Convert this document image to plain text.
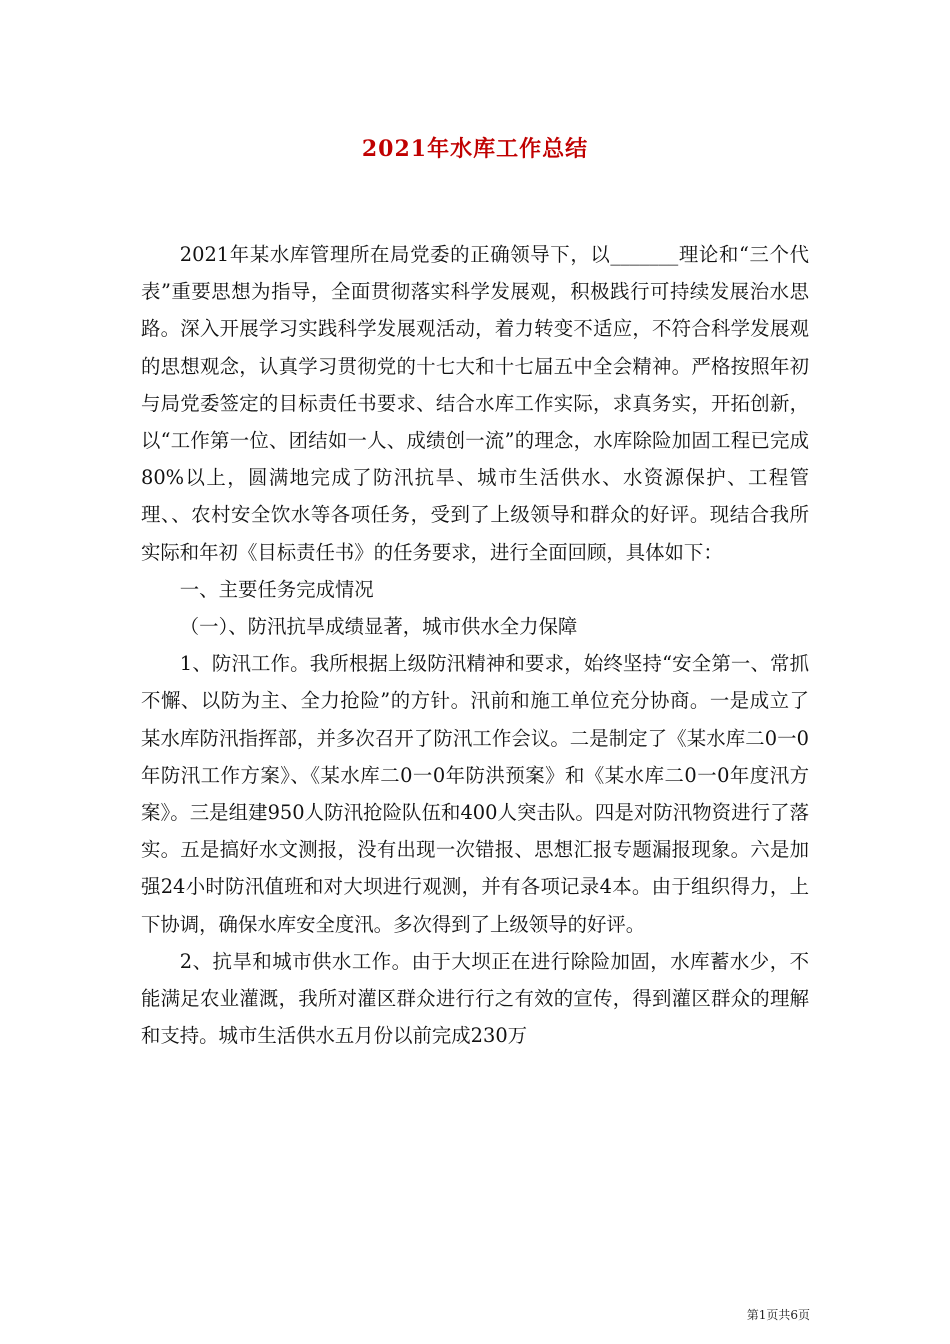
2021年水库工作总结

2021年某水库管理所在局党委的正确领导下，以_______理论和“三个代表”重要思想为指导，全面贯彻落实科学发展观，积极践行可持续发展治水思路。深入开展学习实践科学发展观活动，着力转变不适应，不符合科学发展观的思想观念，认真学习贯彻党的十七大和十七届五中全会精神。严格按照年初与局党委签定的目标责任书要求、结合水库工作实际，求真务实，开拓创新，以“工作第一位、团结如一人、成绩创一流”的理念，水库除险加固工程已完成80%以上，圆满地完成了防汛抗旱、城市生活供水、水资源保护、工程管理、、农村安全饮水等各项任务，受到了上级领导和群众的好评。现结合我所实际和年初《目标责任书》的任务要求，进行全面回顾，具体如下：

一、主要任务完成情况

（一）、防汛抗旱成绩显著，城市供水全力保障

1、防汛工作。我所根据上级防汛精神和要求，始终坚持“安全第一、常抓不懈、以防为主、全力抢险”的方针。汛前和施工单位充分协商。一是成立了某水库防汛指挥部，并多次召开了防汛工作会议。二是制定了《某水库二0一0年防汛工作方案》、《某水库二0一0年防洪预案》和《某水库二0一0年度汛方案》。三是组建950人防汛抢险队伍和400人突击队。四是对防汛物资进行了落实。五是搞好水文测报，没有出现一次错报、思想汇报专题漏报现象。六是加强24小时防汛值班和对大坝进行观测，并有各项记录4本。由于组织得力，上下协调，确保水库安全度汛。多次得到了上级领导的好评。

2、抗旱和城市供水工作。由于大坝正在进行除险加固，水库蓄水少，不能满足农业灌溉，我所对灌区群众进行行之有效的宣传，得到灌区群众的理解和支持。城市生活供水五月份以前完成230万

第1页共6页
